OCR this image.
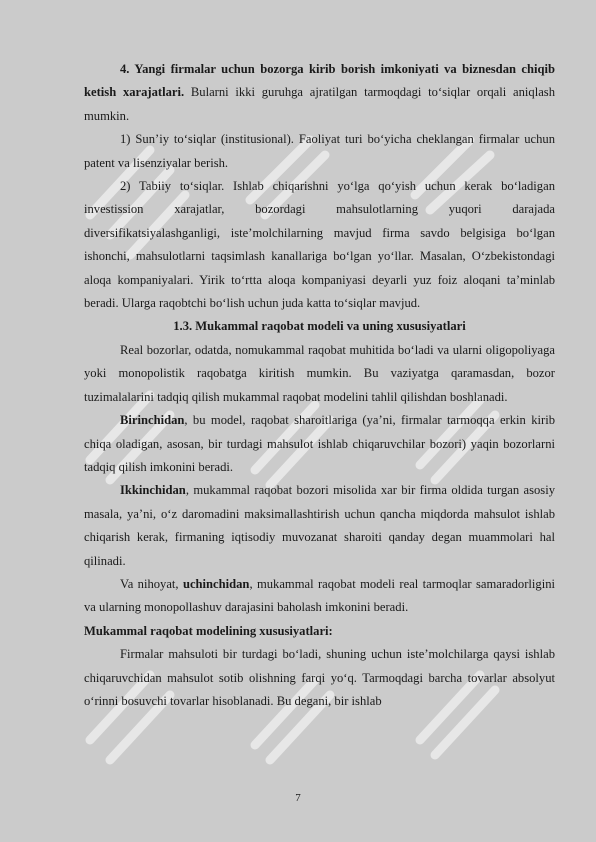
4. Yangi firmalar uchun bozorga kirib borish imkoniyati va biznesdan chiqib ketish xarajatlari. Bularni ikki guruhga ajratilgan tarmoqdagi to‘siqlar orqali aniqlash mumkin.

1) Sun’iy to‘siqlar (institusional). Faoliyat turi bo‘yicha cheklangan firmalar uchun patent va lisenziyalar berish.

2) Tabiiy to‘siqlar. Ishlab chiqarishni yo‘lga qo‘yish uchun kerak bo‘ladigan investission xarajatlar, bozordagi mahsulotlarning yuqori darajada diversifikatsiyalashganligi, iste’molchilarning mavjud firma savdo belgisiga bo‘lgan ishonchi, mahsulotlarni taqsimlash kanallariga bo‘lgan yo‘llar. Masalan, O‘zbekistondagi aloqa kompaniyalari. Yirik to‘rtta aloqa kompaniyasi deyarli yuz foiz aloqani ta’minlab beradi. Ularga raqobtchi bo‘lish uchun juda katta to‘siqlar mavjud.

1.3. Mukammal raqobat modeli va uning xususiyatlari

Real bozorlar, odatda, nomukammal raqobat muhitida bo‘ladi va ularni oligopoliyaga yoki monopolistik raqobatga kiritish mumkin. Bu vaziyatga qaramasdan, bozor tuzimalalarini tadqiq qilish mukammal raqobat modelini tahlil qilishdan boshlanadi.

Birinchidan, bu model, raqobat sharoitlariga (ya’ni, firmalar tarmoqqa erkin kirib chiqa oladigan, asosan, bir turdagi mahsulot ishlab chiqaruvchilar bozori) yaqin bozorlarni tadqiq qilish imkonini beradi.

Ikkinchidan, mukammal raqobat bozori misolida xar bir firma oldida turgan asosiy masala, ya’ni, o‘z daromadini maksimallashtirish uchun qancha miqdorda mahsulot ishlab chiqarish kerak, firmaning iqtisodiy muvozanat sharoiti qanday degan muammolari hal qilinadi.

Va nihoyat, uchinchidan, mukammal raqobat modeli real tarmoqlar samaradorligini va ularning monopollashuv darajasini baholash imkonini beradi.

Mukammal raqobat modelining xususiyatlari:

Firmalar mahsuloti bir turdagi bo‘ladi, shuning uchun iste’molchilarga qaysi ishlab chiqaruvchidan mahsulot sotib olishning farqi yo‘q. Tarmoqdagi barcha tovarlar absolyut o‘rinni bosuvchi tovarlar hisoblanadi. Bu degani, bir ishlab

7
